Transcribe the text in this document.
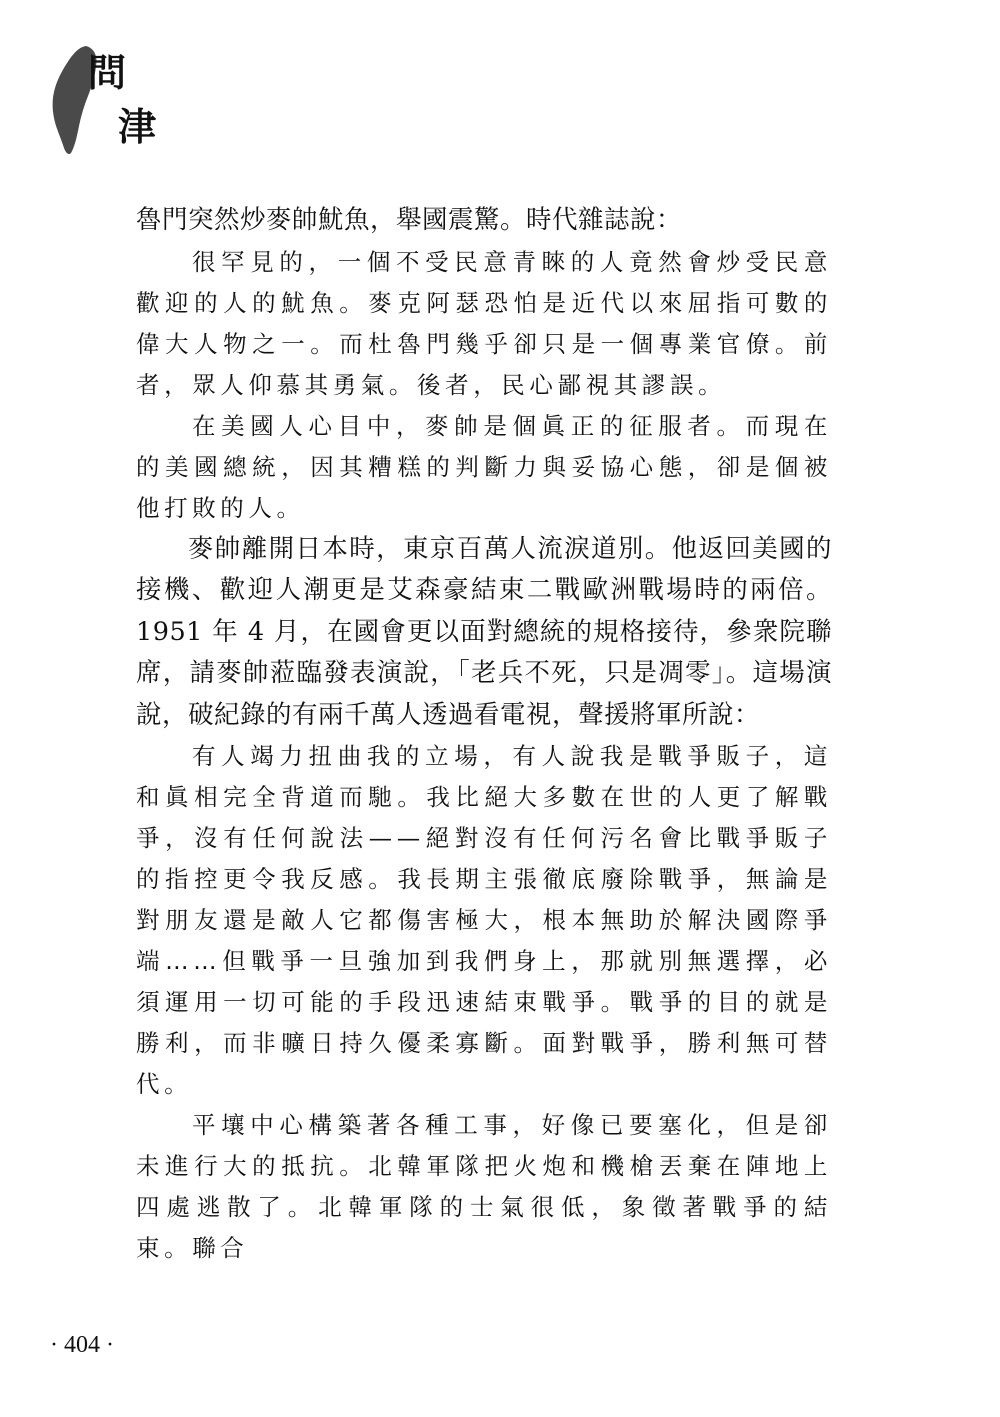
問
津

魯門突然炒麥帥魷魚，舉國震驚。時代雜誌說：

很罕見的，一個不受民意青睞的人竟然會炒受民意歡迎的人的魷魚。麥克阿瑟恐怕是近代以來屈指可數的偉大人物之一。而杜魯門幾乎卻只是一個專業官僚。前者，眾人仰慕其勇氣。後者，民心鄙視其謬誤。

在美國人心目中，麥帥是個眞正的征服者。而現在的美國總統，因其糟糕的判斷力與妥協心態，卻是個被他打敗的人。

麥帥離開日本時，東京百萬人流淚道別。他返回美國的接機、歡迎人潮更是艾森豪結束二戰歐洲戰場時的兩倍。1951 年 4 月，在國會更以面對總統的規格接待，參衆院聯席，請麥帥蒞臨發表演說，「老兵不死，只是凋零」。這場演說，破紀錄的有兩千萬人透過看電視，聲援將軍所說：

有人竭力扭曲我的立場，有人說我是戰爭販子，這和眞相完全背道而馳。我比絕大多數在世的人更了解戰爭，沒有任何說法——絕對沒有任何污名會比戰爭販子的指控更令我反感。我長期主張徹底廢除戰爭，無論是對朋友還是敵人它都傷害極大，根本無助於解決國際爭端……但戰爭一旦強加到我們身上，那就別無選擇，必須運用一切可能的手段迅速結束戰爭。戰爭的目的就是勝利，而非曠日持久優柔寡斷。面對戰爭，勝利無可替代。

平壤中心構築著各種工事，好像已要塞化，但是卻未進行大的抵抗。北韓軍隊把火炮和機槍丟棄在陣地上四處逃散了。北韓軍隊的士氣很低，象徵著戰爭的結束。聯合

· 404 ·
